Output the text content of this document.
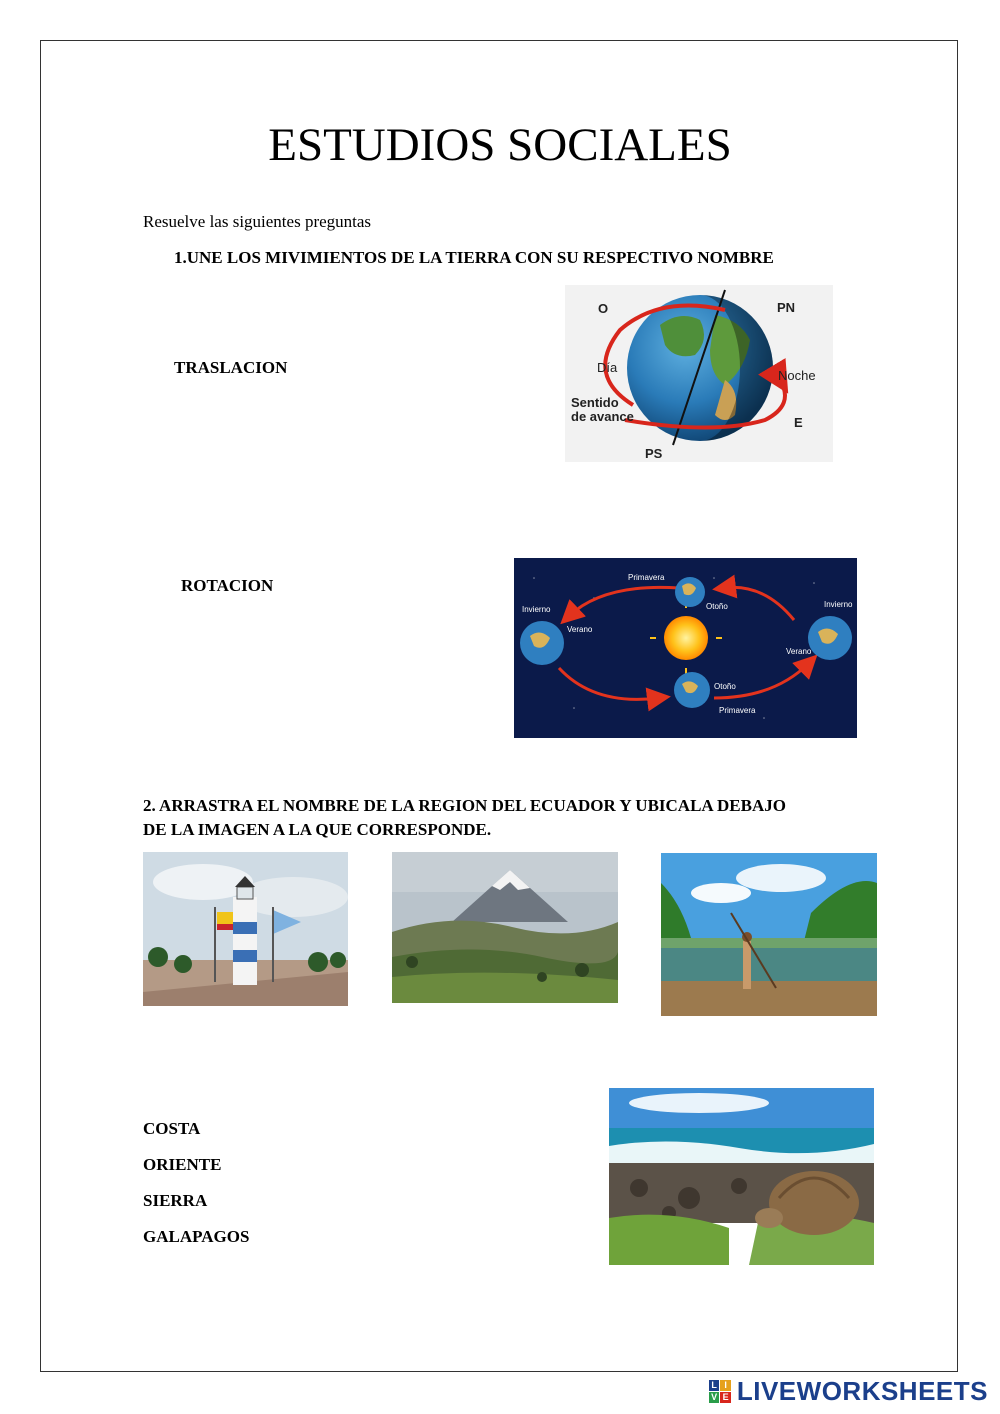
ESTUDIOS SOCIALES
Resuelve las siguientes preguntas
1.UNE LOS MIVIMIENTOS DE LA TIERRA CON SU RESPECTIVO NOMBRE
TRASLACION
ROTACION
O	PN
Día
Noche
Sentido
de avance	E
PS
Primavera
Otoño
Invierno
Verano
Invierno
Verano
Otoño
Primavera
2. ARRASTRA EL NOMBRE DE LA REGION DEL ECUADOR Y UBICALA DEBAJO
DE LA IMAGEN A LA QUE CORRESPONDE.
COSTA
ORIENTE
SIERRA
GALAPAGOS
L I
V E LIVEWORKSHEETS
